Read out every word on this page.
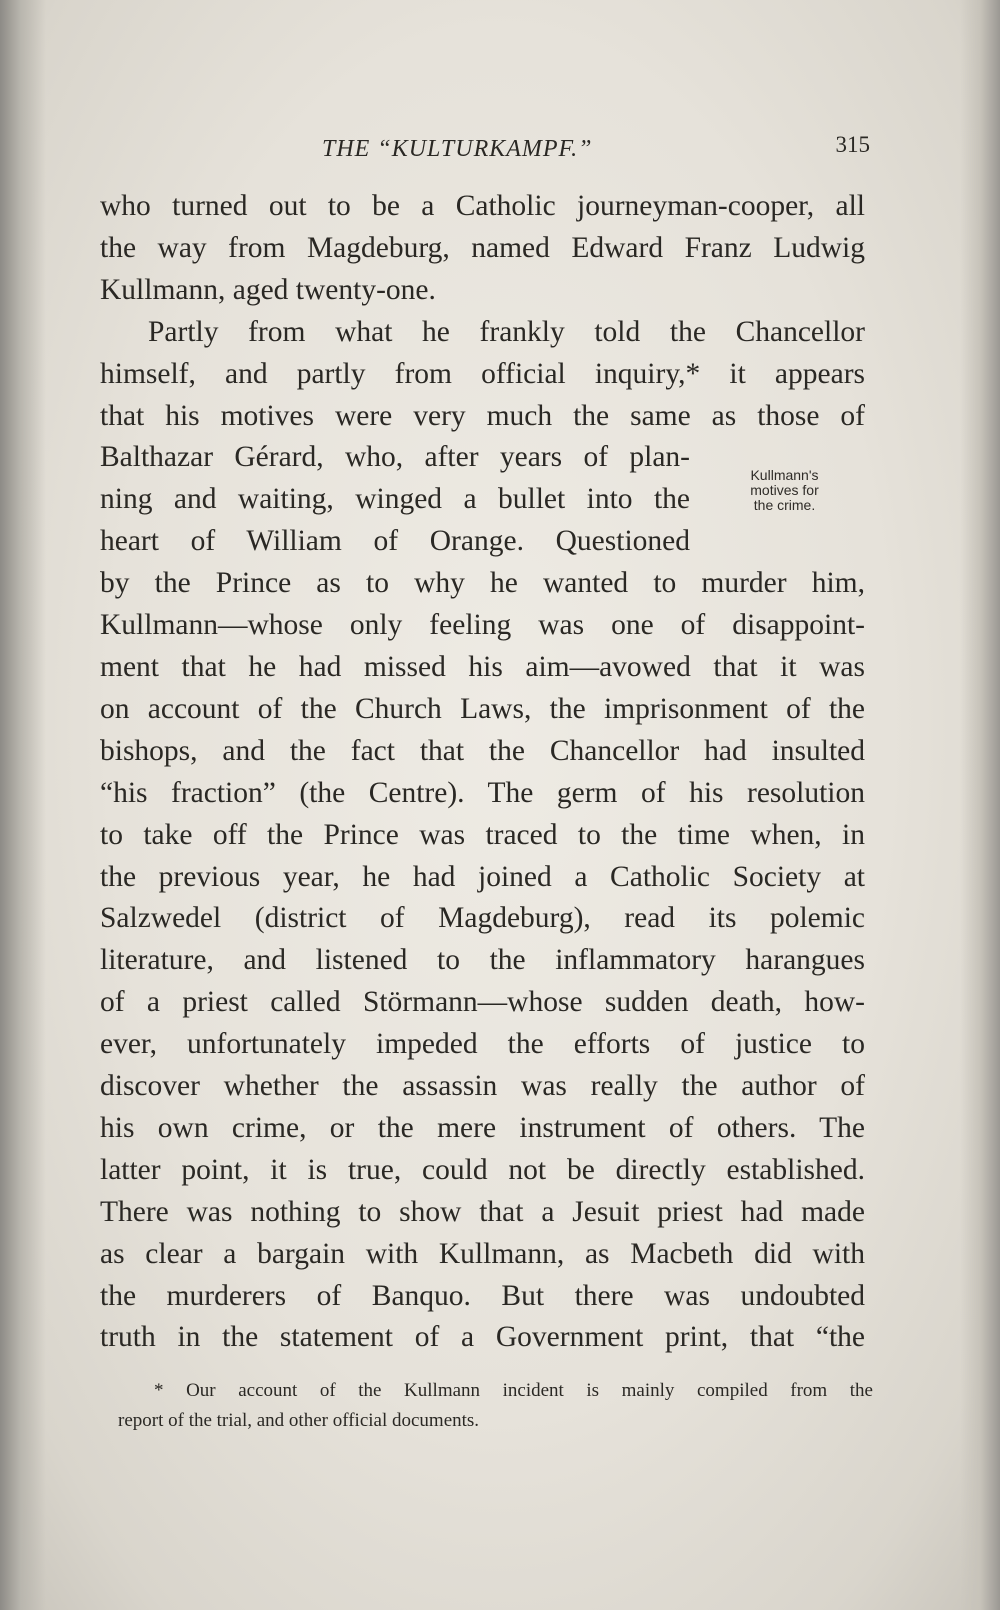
THE “KULTURKAMPF.”	315
who turned out to be a Catholic journeyman-cooper, all
the way from Magdeburg, named Edward Franz Ludwig
Kullmann, aged twenty-one.
Partly from what he frankly told the Chancellor
himself, and partly from official inquiry,* it appears
that his motives were very much the same as those of
Balthazar Gérard, who, after years of plan-
ning and waiting, winged a bullet into the
heart of William of Orange. Questioned
by the Prince as to why he wanted to murder him,
Kullmann—whose only feeling was one of disappoint-
ment that he had missed his aim—avowed that it was
on account of the Church Laws, the imprisonment of the
bishops, and the fact that the Chancellor had insulted
“his fraction” (the Centre). The germ of his resolution
to take off the Prince was traced to the time when, in
the previous year, he had joined a Catholic Society at
Salzwedel (district of Magdeburg), read its polemic
literature, and listened to the inflammatory harangues
of a priest called Störmann—whose sudden death, how-
ever, unfortunately impeded the efforts of justice to
discover whether the assassin was really the author of
his own crime, or the mere instrument of others. The
latter point, it is true, could not be directly established.
There was nothing to show that a Jesuit priest had made
as clear a bargain with Kullmann, as Macbeth did with
the murderers of Banquo. But there was undoubted
truth in the statement of a Government print, that “the
Kullmann's
motives for
the crime.
* Our account of the Kullmann incident is mainly compiled from the
report of the trial, and other official documents.
